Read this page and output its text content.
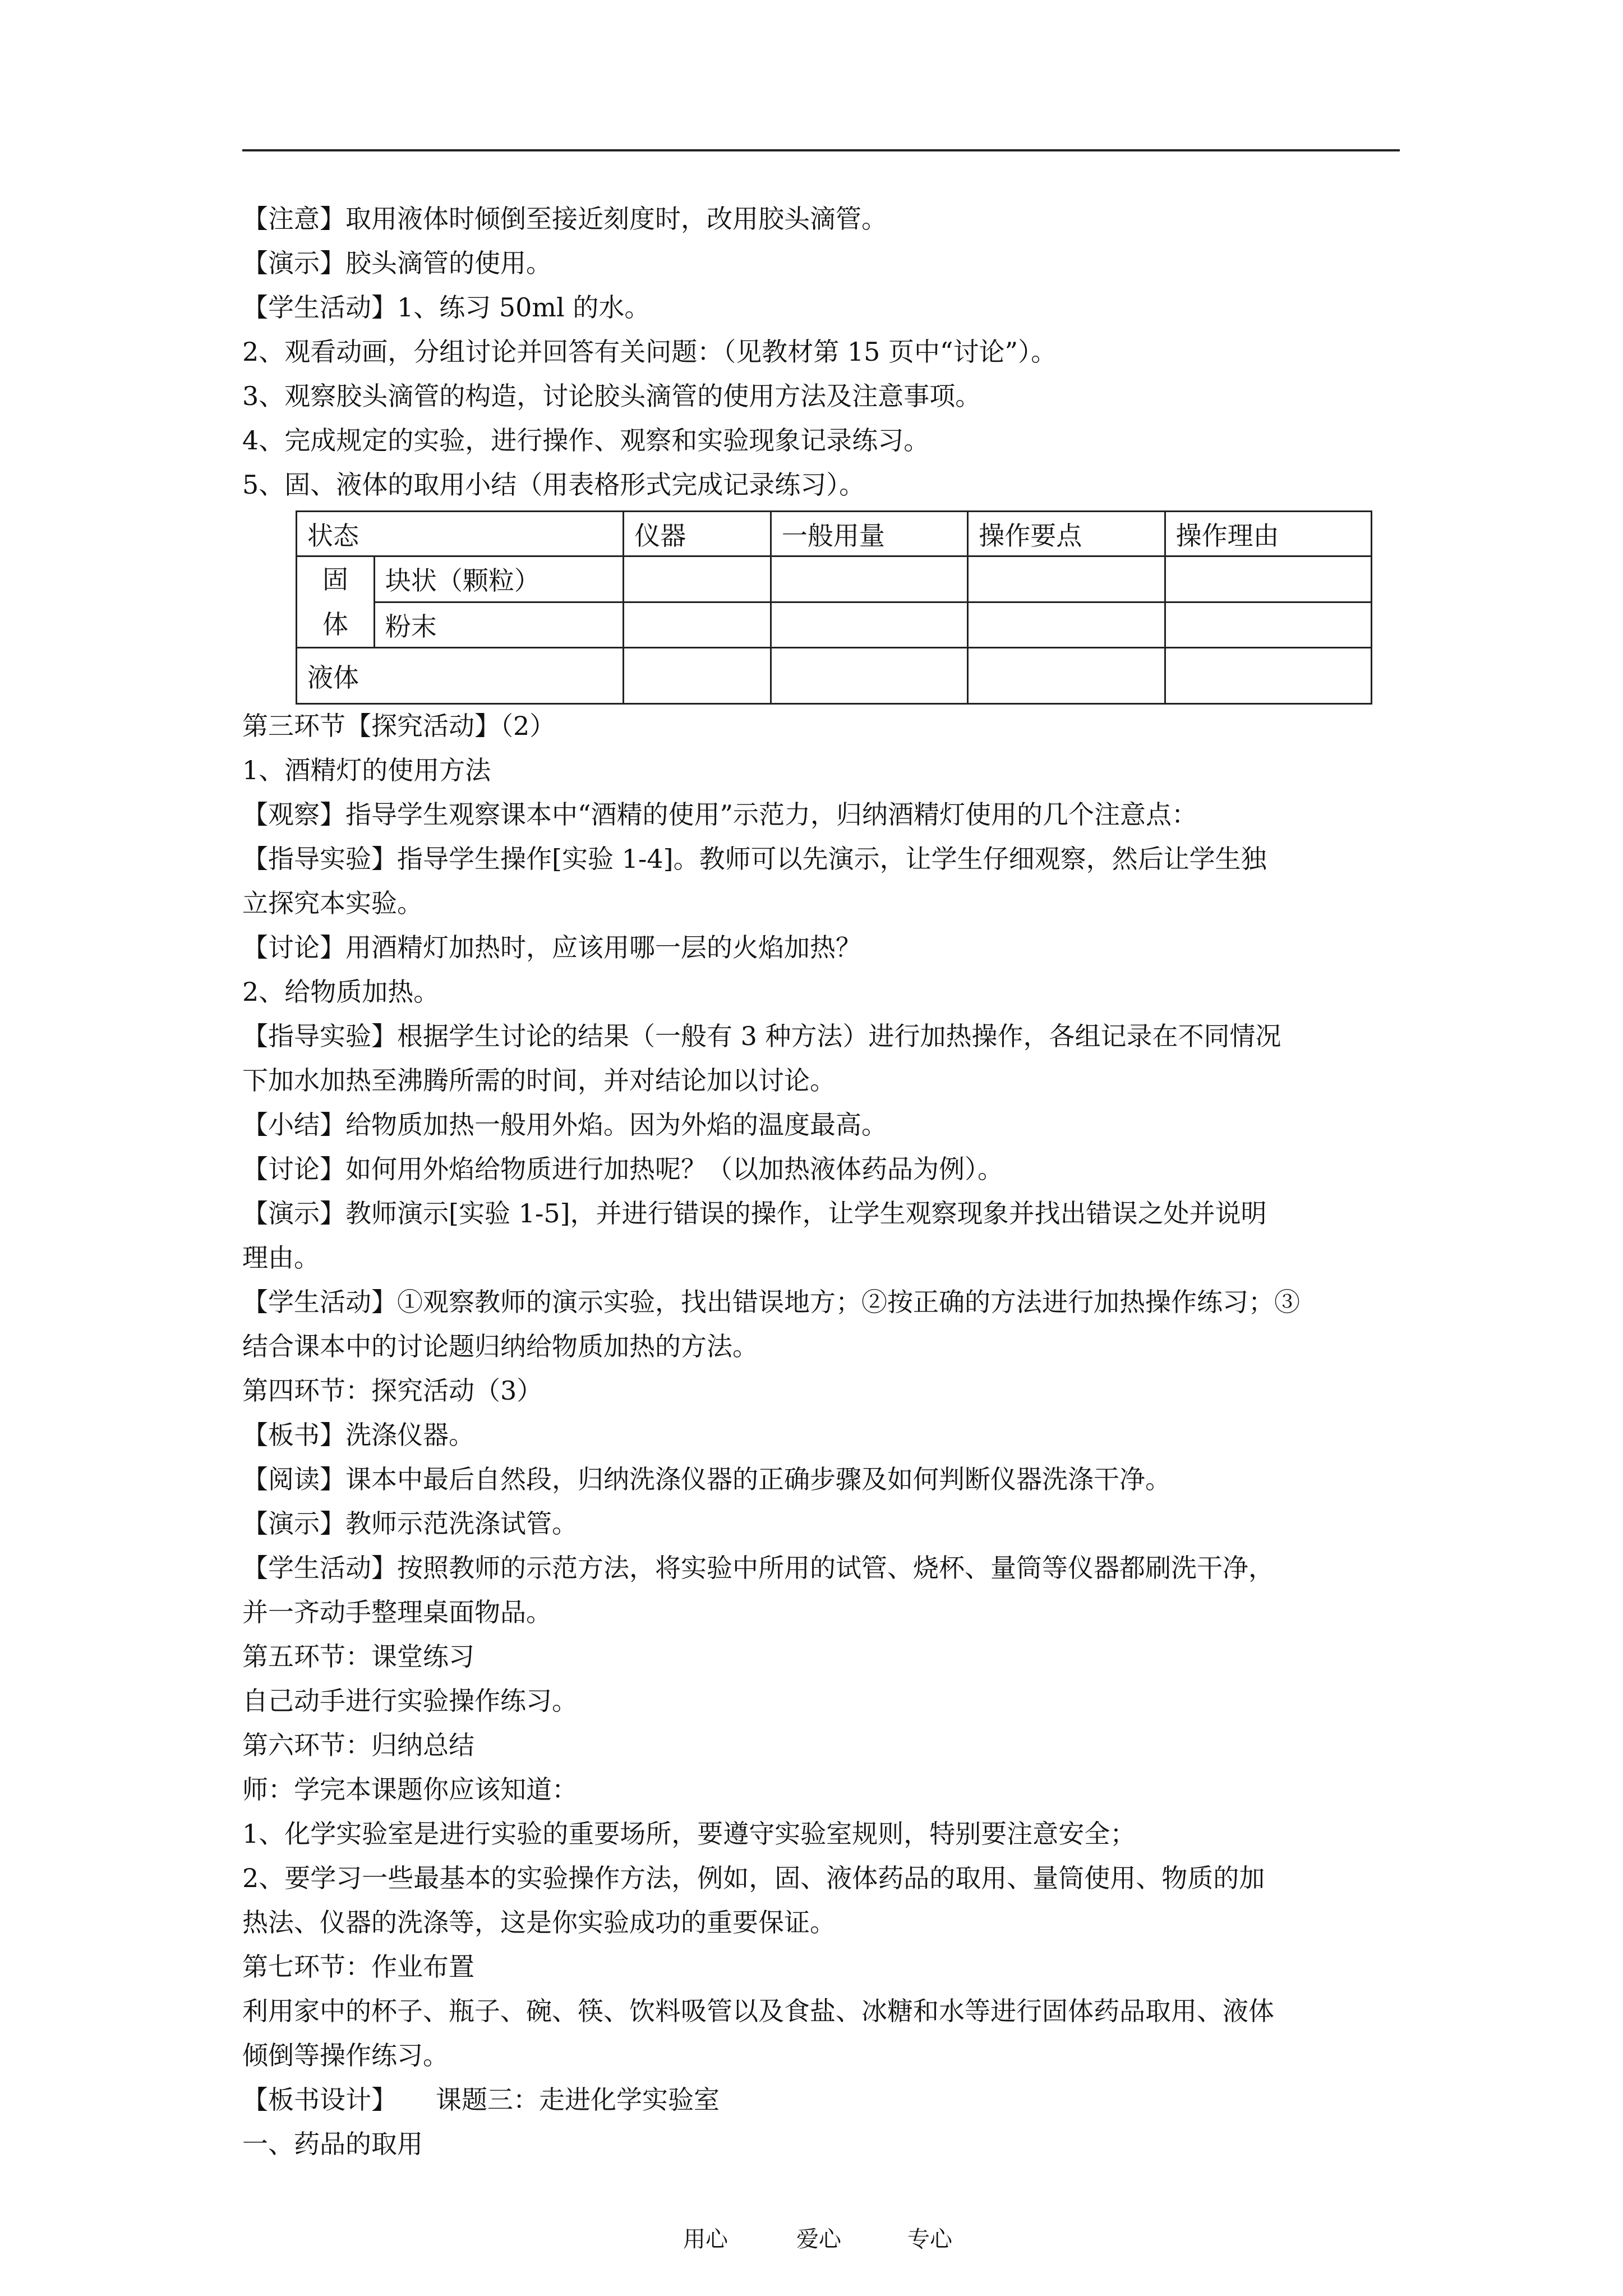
【注意】取用液体时倾倒至接近刻度时，改用胶头滴管。
【演示】胶头滴管的使用。
【学生活动】1、练习 50ml 的水。
2、观看动画，分组讨论并回答有关问题：（见教材第 15 页中“讨论”）。
3、观察胶头滴管的构造，讨论胶头滴管的使用方法及注意事项。
4、完成规定的实验，进行操作、观察和实验现象记录练习。
5、固、液体的取用小结（用表格形式完成记录练习）。
状态		仪器	一般用量	操作要点	操作理由
固体	块状（颗粒）				
	粉末				
液体					
第三环节【探究活动】（2）
1、酒精灯的使用方法
【观察】指导学生观察课本中“酒精的使用”示范力，归纳酒精灯使用的几个注意点：
【指导实验】指导学生操作[实验 1-4]。教师可以先演示，让学生仔细观察，然后让学生独
立探究本实验。
【讨论】用酒精灯加热时，应该用哪一层的火焰加热？
2、给物质加热。
【指导实验】根据学生讨论的结果（一般有 3 种方法）进行加热操作，各组记录在不同情况
下加水加热至沸腾所需的时间，并对结论加以讨论。
【小结】给物质加热一般用外焰。因为外焰的温度最高。
【讨论】如何用外焰给物质进行加热呢？（以加热液体药品为例）。
【演示】教师演示[实验 1-5]，并进行错误的操作，让学生观察现象并找出错误之处并说明
理由。
【学生活动】①观察教师的演示实验，找出错误地方；②按正确的方法进行加热操作练习；③
结合课本中的讨论题归纳给物质加热的方法。
第四环节：探究活动（3）
【板书】洗涤仪器。
【阅读】课本中最后自然段，归纳洗涤仪器的正确步骤及如何判断仪器洗涤干净。
【演示】教师示范洗涤试管。
【学生活动】按照教师的示范方法，将实验中所用的试管、烧杯、量筒等仪器都刷洗干净，
并一齐动手整理桌面物品。
第五环节：课堂练习
自己动手进行实验操作练习。
第六环节：归纳总结
师：学完本课题你应该知道：
1、化学实验室是进行实验的重要场所，要遵守实验室规则，特别要注意安全；
2、要学习一些最基本的实验操作方法，例如，固、液体药品的取用、量筒使用、物质的加
热法、仪器的洗涤等，这是你实验成功的重要保证。
第七环节：作业布置
利用家中的杯子、瓶子、碗、筷、饮料吸管以及食盐、冰糖和水等进行固体药品取用、液体
倾倒等操作练习。
【板书设计】　　课题三：走进化学实验室
一、药品的取用
用心	爱心	专心
